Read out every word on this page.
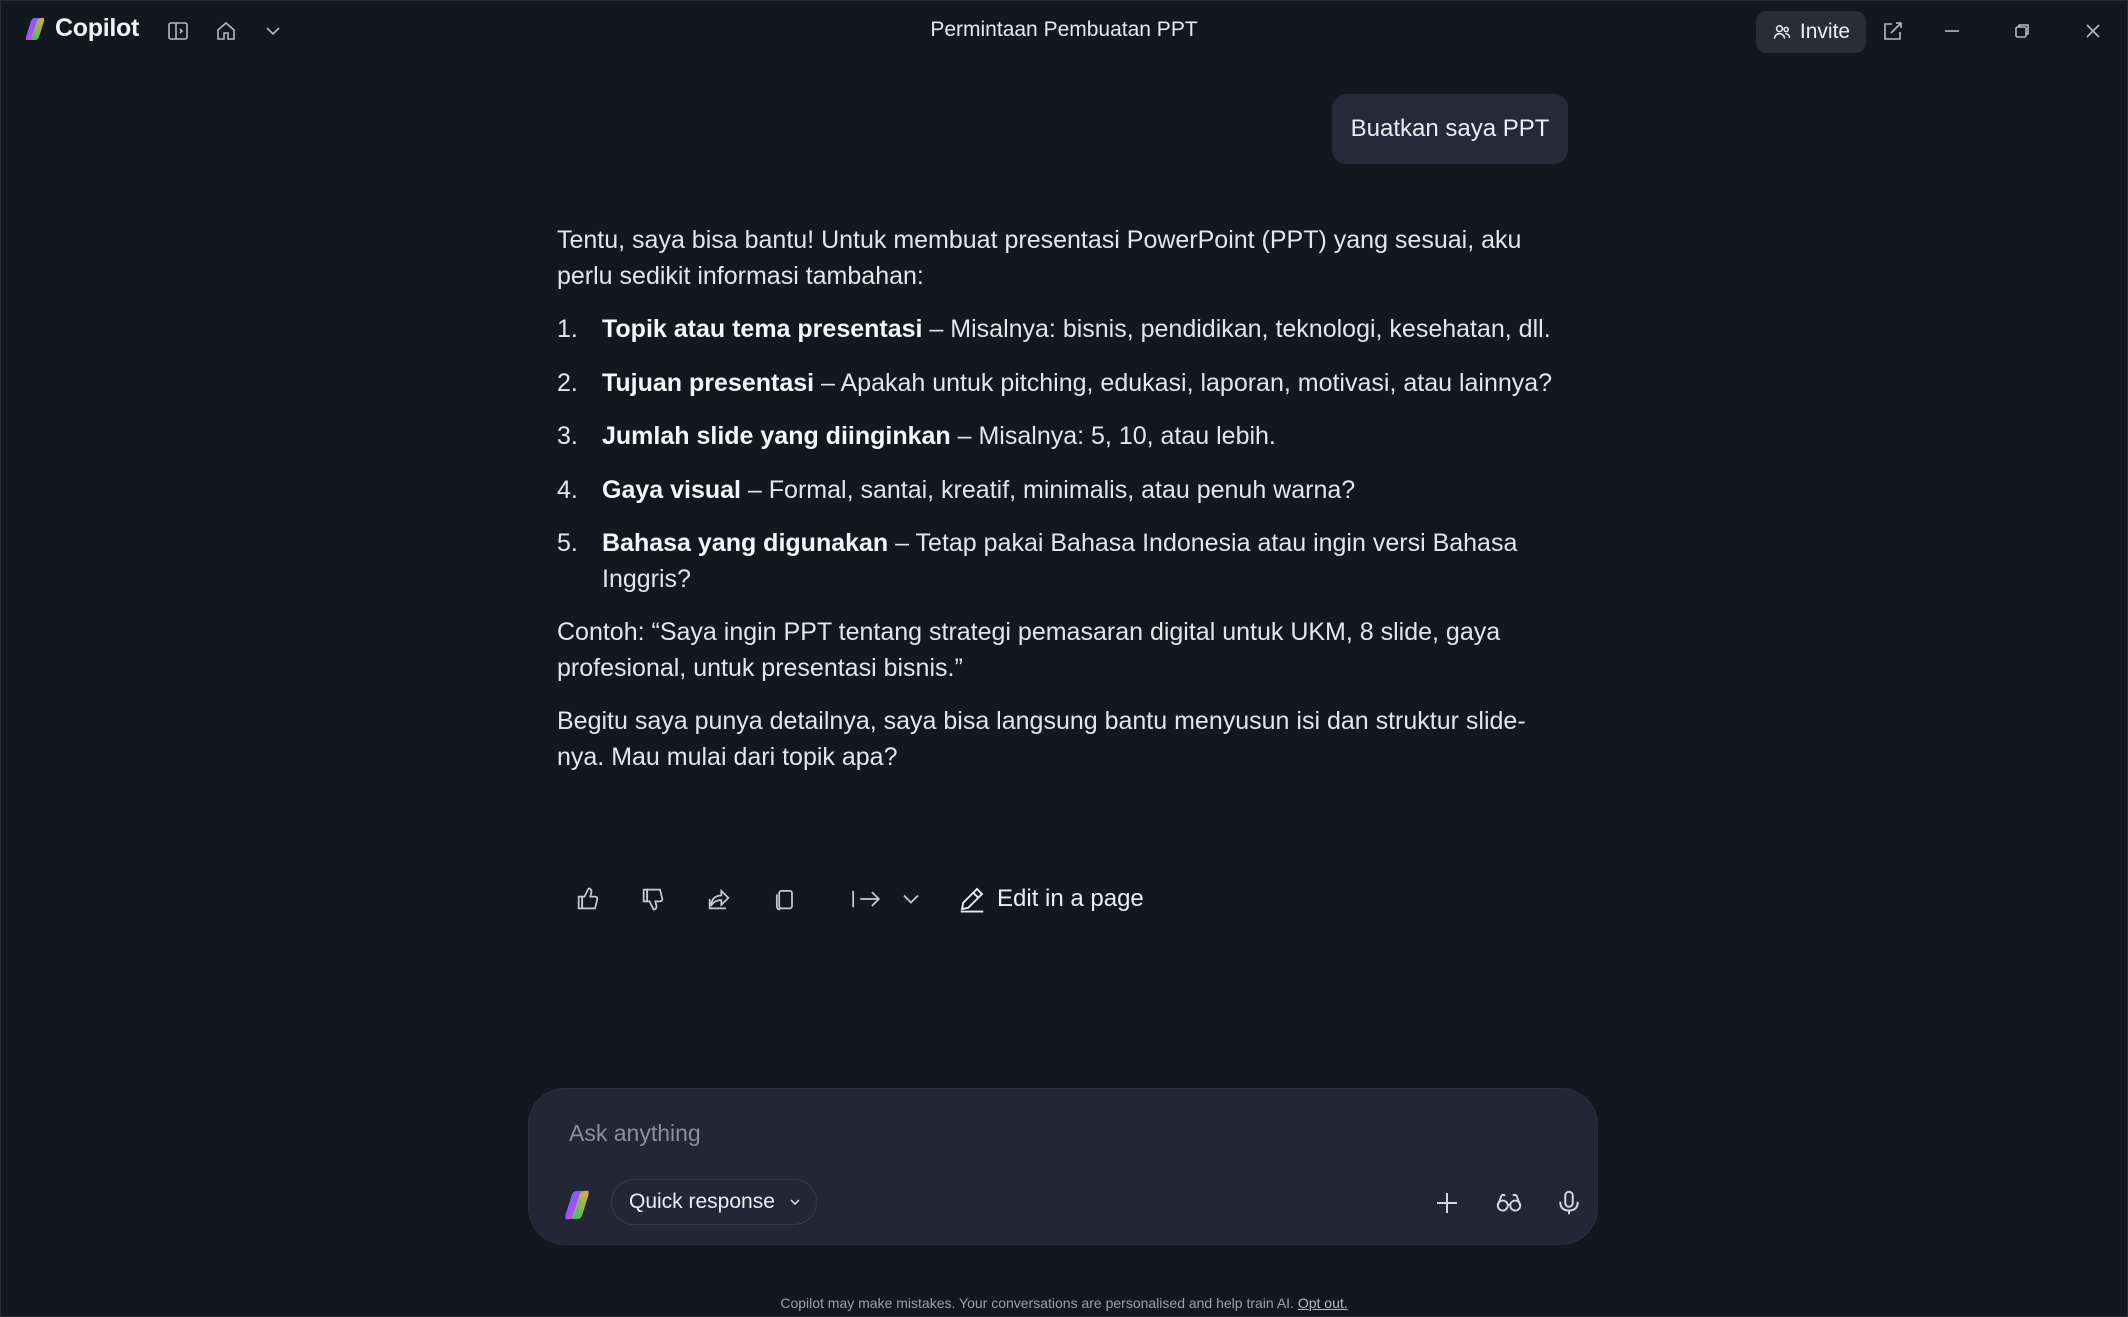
Copilot	Permintaan Pembuatan PPT	Invite
Buatkan saya PPT

Tentu, saya bisa bantu! Untuk membuat presentasi PowerPoint (PPT) yang sesuai, aku perlu sedikit informasi tambahan:

1. Topik atau tema presentasi – Misalnya: bisnis, pendidikan, teknologi, kesehatan, dll.
2. Tujuan presentasi – Apakah untuk pitching, edukasi, laporan, motivasi, atau lainnya?
3. Jumlah slide yang diinginkan – Misalnya: 5, 10, atau lebih.
4. Gaya visual – Formal, santai, kreatif, minimalis, atau penuh warna?
5. Bahasa yang digunakan – Tetap pakai Bahasa Indonesia atau ingin versi Bahasa Inggris?

Contoh: “Saya ingin PPT tentang strategi pemasaran digital untuk UKM, 8 slide, gaya profesional, untuk presentasi bisnis.”

Begitu saya punya detailnya, saya bisa langsung bantu menyusun isi dan struktur slide-nya. Mau mulai dari topik apa?

Edit in a page
Ask anything
Quick response
Copilot may make mistakes. Your conversations are personalised and help train AI. Opt out.
